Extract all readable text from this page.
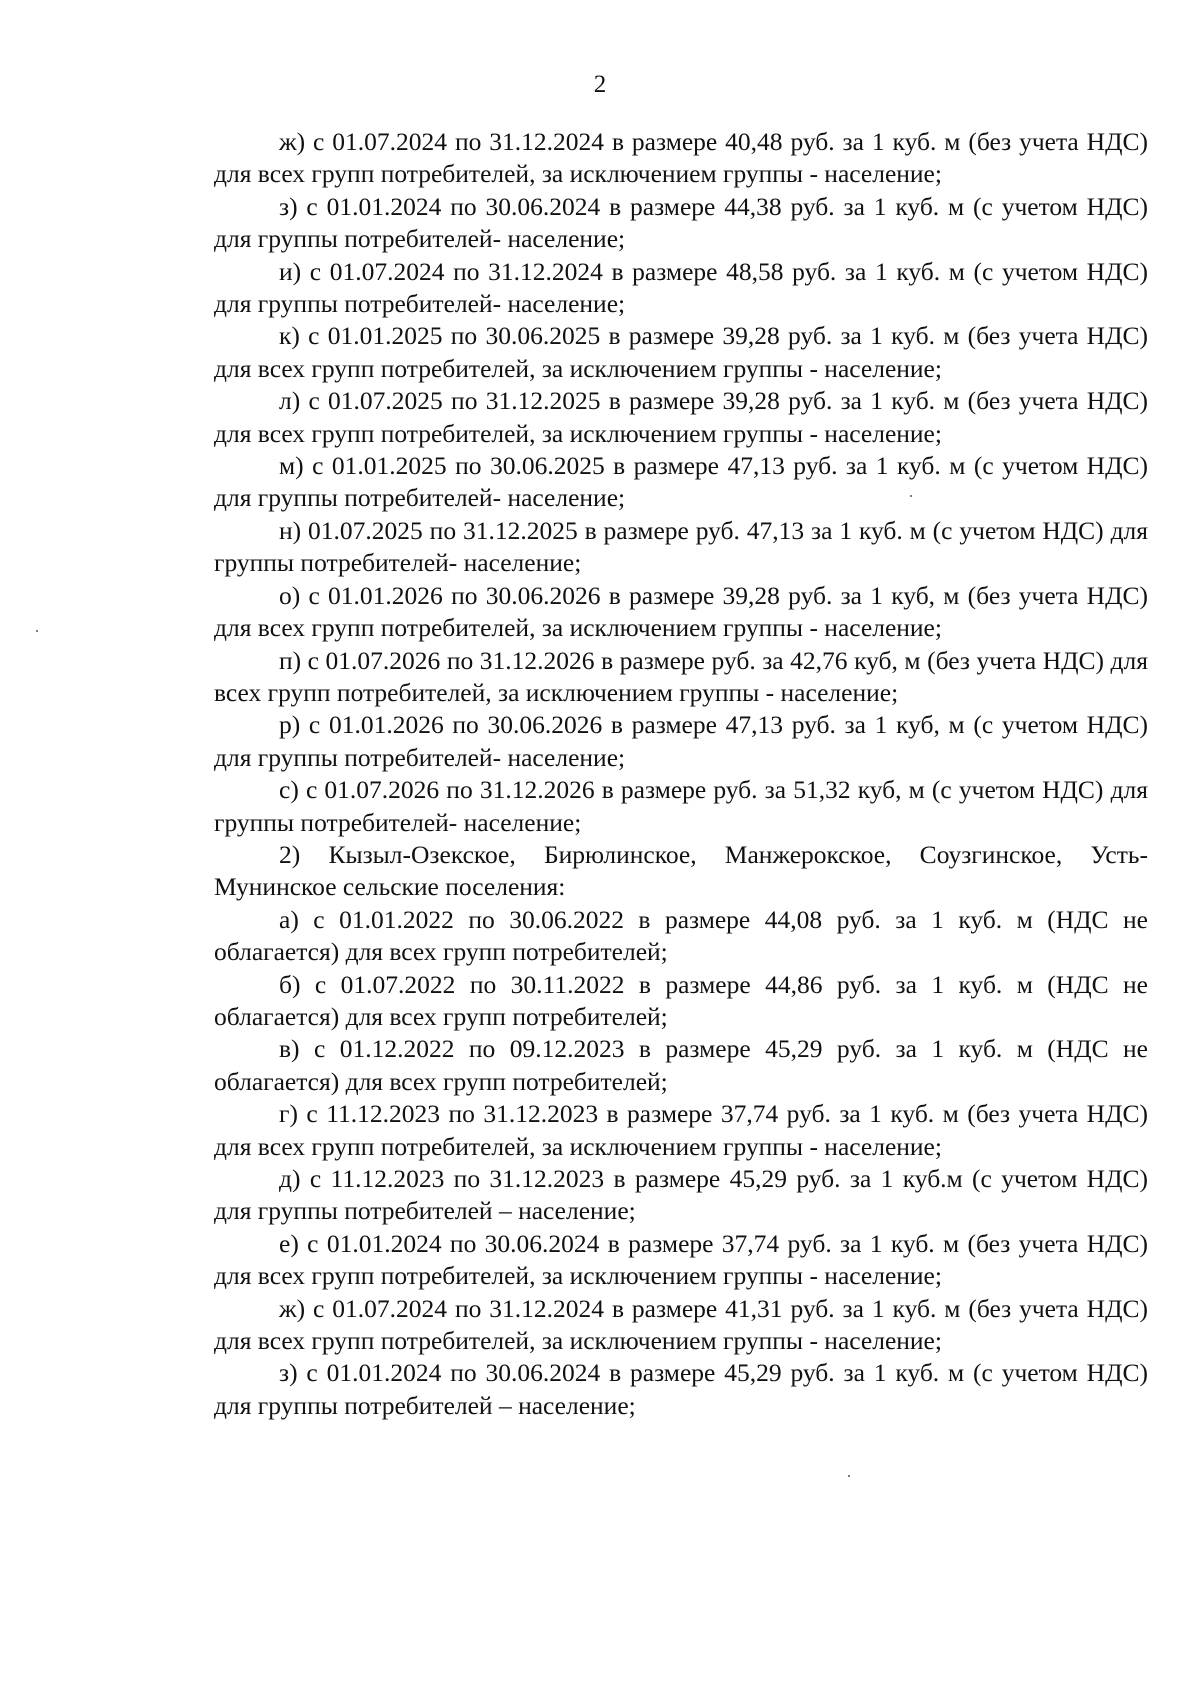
2

ж) с 01.07.2024 по 31.12.2024 в размере 40,48 руб. за 1 куб. м (без учета НДС) для всех групп потребителей, за исключением группы - население;

з) с 01.01.2024 по 30.06.2024 в размере 44,38 руб. за 1 куб. м (с учетом НДС) для группы потребителей- население;

и) с 01.07.2024 по 31.12.2024 в размере 48,58 руб. за 1 куб. м (с учетом НДС) для группы потребителей- население;

к) с 01.01.2025 по 30.06.2025 в размере 39,28 руб. за 1 куб. м (без учета НДС) для всех групп потребителей, за исключением группы - население;

л) с 01.07.2025 по 31.12.2025 в размере 39,28 руб. за 1 куб. м (без учета НДС) для всех групп потребителей, за исключением группы - население;

м) с 01.01.2025 по 30.06.2025 в размере 47,13 руб. за 1 куб. м (с учетом НДС) для группы потребителей- население;

н) 01.07.2025 по 31.12.2025 в размере руб. 47,13 за 1 куб. м (с учетом НДС) для группы потребителей- население;

о) с 01.01.2026 по 30.06.2026 в размере 39,28 руб. за 1 куб, м (без учета НДС) для всех групп потребителей, за исключением группы - население;

п) с 01.07.2026 по 31.12.2026 в размере руб. за 42,76 куб, м (без учета НДС) для всех групп потребителей, за исключением группы - население;

р) с 01.01.2026 по 30.06.2026 в размере 47,13 руб. за 1 куб, м (с учетом НДС) для группы потребителей- население;

с) с 01.07.2026 по 31.12.2026 в размере руб. за 51,32 куб, м (с учетом НДС) для группы потребителей- население;

2) Кызыл-Озекское, Бирюлинское, Манжерокское, Соузгинское, Усть-Мунинское сельские поселения:

а) с 01.01.2022 по 30.06.2022 в размере 44,08 руб. за 1 куб. м (НДС не облагается) для всех групп потребителей;

б) с 01.07.2022 по 30.11.2022 в размере 44,86 руб. за 1 куб. м (НДС не облагается) для всех групп потребителей;

в) с 01.12.2022 по 09.12.2023 в размере 45,29 руб. за 1 куб. м (НДС не облагается) для всех групп потребителей;

г) с 11.12.2023 по 31.12.2023 в размере 37,74 руб. за 1 куб. м (без учета НДС) для всех групп потребителей, за исключением группы - население;

д) с 11.12.2023 по 31.12.2023 в размере 45,29 руб. за 1 куб.м (с учетом НДС) для группы потребителей – население;

е) с 01.01.2024 по 30.06.2024 в размере 37,74 руб. за 1 куб. м (без учета НДС) для всех групп потребителей, за исключением группы - население;

ж) с 01.07.2024 по 31.12.2024 в размере 41,31 руб. за 1 куб. м (без учета НДС) для всех групп потребителей, за исключением группы - население;

з) с 01.01.2024 по 30.06.2024 в размере 45,29 руб. за 1 куб. м (с учетом НДС) для группы потребителей – население;
